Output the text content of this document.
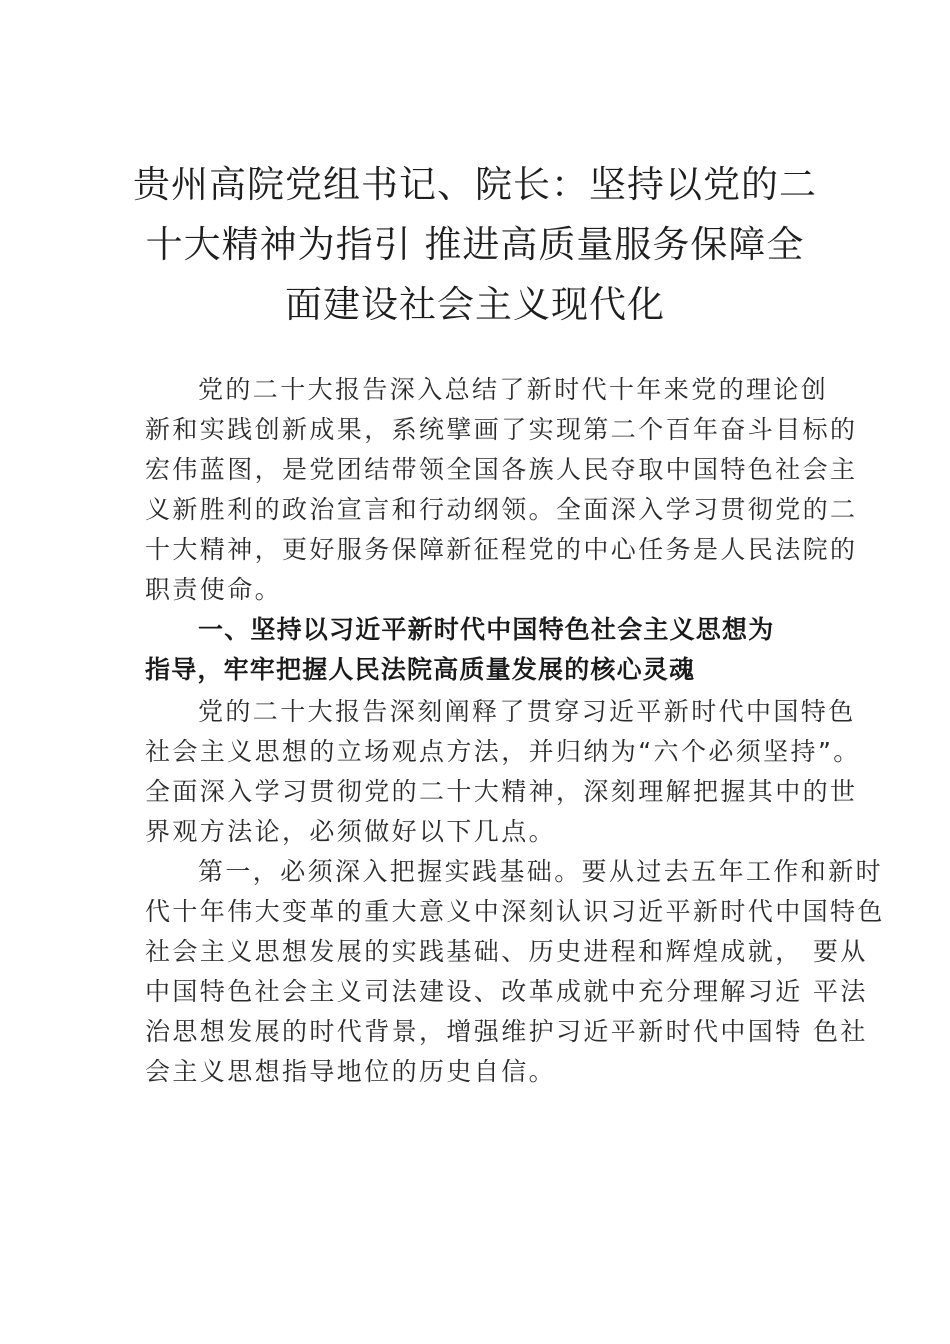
贵州高院党组书记、院长：坚持以党的二
十大精神为指引 推进高质量服务保障全
面建设社会主义现代化
党的二十大报告深入总结了新时代十年来党的理论创
新和实践创新成果，系统擘画了实现第二个百年奋斗目标的
宏伟蓝图，是党团结带领全国各族人民夺取中国特色社会主
义新胜利的政治宣言和行动纲领。全面深入学习贯彻党的二
十大精神，更好服务保障新征程党的中心任务是人民法院的
职责使命。
一、坚持以习近平新时代中国特色社会主义思想为
指导，牢牢把握人民法院高质量发展的核心灵魂
党的二十大报告深刻阐释了贯穿习近平新时代中国特色
社会主义思想的立场观点方法，并归纳为“六个必须坚持”。
全面深入学习贯彻党的二十大精神，深刻理解把握其中的世
界观方法论，必须做好以下几点。
第一，必须深入把握实践基础。要从过去五年工作和新时
代十年伟大变革的重大意义中深刻认识习近平新时代中国特色
社会主义思想发展的实践基础、历史进程和辉煌成就， 要从
中国特色社会主义司法建设、改革成就中充分理解习近 平法
治思想发展的时代背景，增强维护习近平新时代中国特 色社
会主义思想指导地位的历史自信。
